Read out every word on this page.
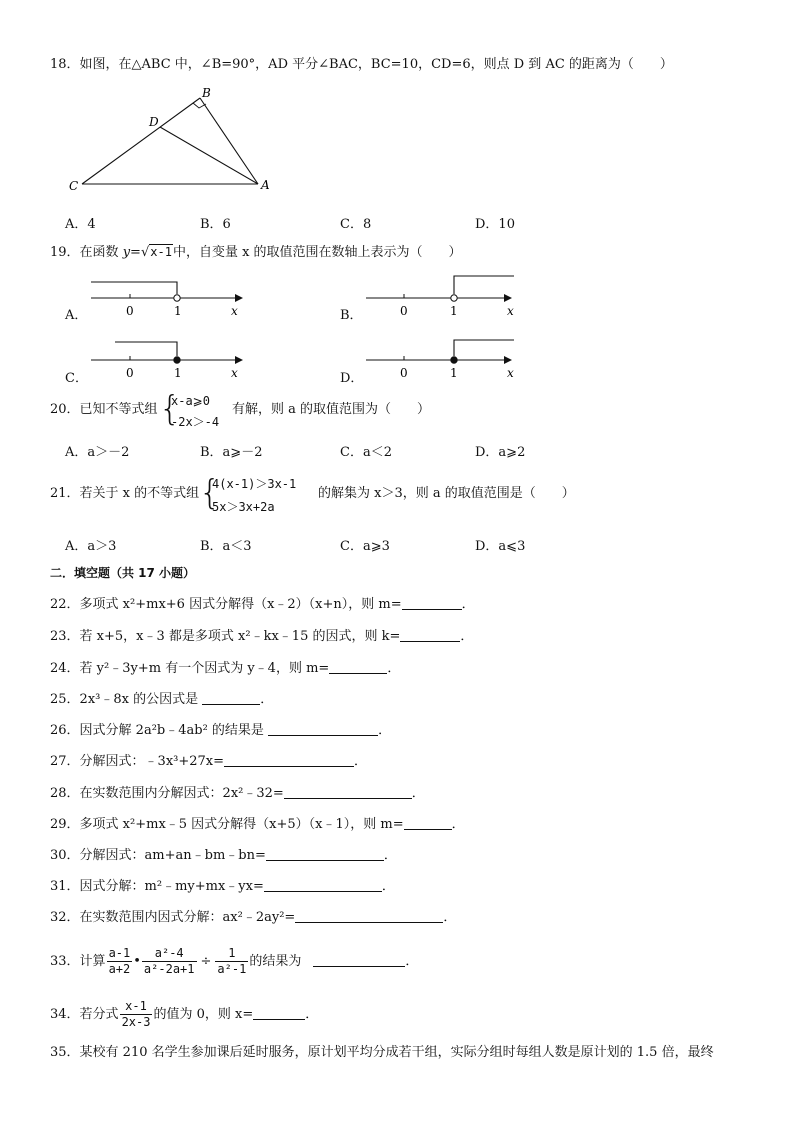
18．如图，在△ABC 中，∠B=90°，AD 平分∠BAC，BC=10，CD=6，则点 D 到 AC 的距离为（　　）
B
D
C	A
A．4	B．6	C．8	D．10
19．在函数 y=√x-1中，自变量 x 的取值范围在数轴上表示为（　　）
A．	0	1	x	B．	0	1	x
C．	0	1	x	D．	0	1	x
20．已知不等式组 {
x-a⩾0
-2x＞-4
有解，则 a 的取值范围为（　　）
A．a＞－2	B．a⩾－2	C．a＜2	D．a⩾2
21．若关于 x 的不等式组 {
4(x-1)＞3x-1
5x＞3x+2a
的解集为 x＞3，则 a 的取值范围是（　　）
A．a＞3	B．a＜3	C．a⩾3	D．a⩽3
二．填空题（共 17 小题）
22．多项式 x²+mx+6 因式分解得（x﹣2）（x+n），则 m=	．
23．若 x+5，x﹣3 都是多项式 x²﹣kx﹣15 的因式，则 k=	．
24．若 y²﹣3y+m 有一个因式为 y﹣4，则 m=	．
25．2x³﹣8x 的公因式是	．
26．因式分解 2a²b﹣4ab² 的结果是	．
27．分解因式：﹣3x³+27x=	．
28．在实数范围内分解因式：2x²﹣32=	．
29．多项式 x²+mx﹣5 因式分解得（x+5）（x﹣1），则 m=	．
30．分解因式：am+an﹣bm﹣bn=	．
31．因式分解：m²﹣my+mx﹣yx=	．
32．在实数范围内因式分解：ax²﹣2ay²=	．
33．计算 $\frac{a-1}{a+2}$ • $\frac{\text{a²-4}}{\text{a²-2a+1}} \div \frac{1}{\text{a²-1}}$ 的结果为	．
34．若分式 $\frac{x-1}{2x-3}$ 的值为 0，则 x=	．
35．某校有 210 名学生参加课后延时服务，原计划平均分成若干组，实际分组时每组人数是原计划的 1.5 倍，最终
